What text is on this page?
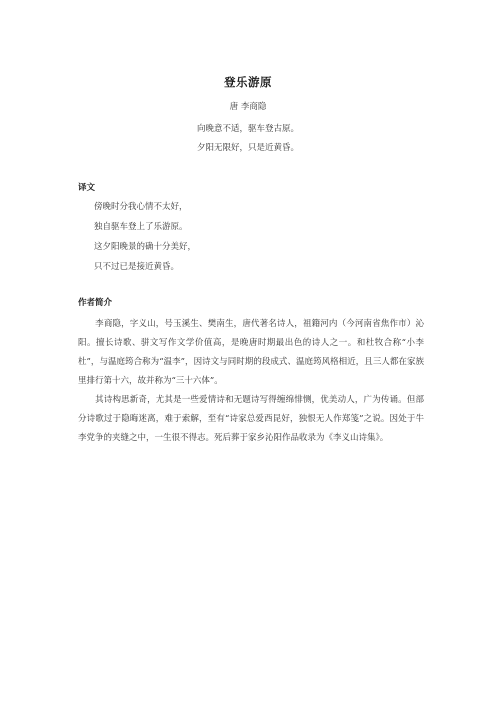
登乐游原
唐 李商隐
向晚意不适，驱车登古原。
夕阳无限好，只是近黄昏。
译文
傍晚时分我心情不太好，
独自驱车登上了乐游原。
这夕阳晚景的确十分美好，
只不过已是接近黄昏。
作者简介
李商隐，字义山，号玉溪生、樊南生，唐代著名诗人，祖籍河内（今河南省焦作市）沁阳。擅长诗歌、骈文写作文学价值高，是晚唐时期最出色的诗人之一。和杜牧合称“小李杜”，与温庭筠合称为“温李”，因诗文与同时期的段成式、温庭筠风格相近，且三人都在家族里排行第十六，故并称为“三十六体”。
其诗构思新奇，尤其是一些爱情诗和无题诗写得缠绵悱恻，优美动人，广为传诵。但部分诗歌过于隐晦迷离，难于索解，至有“诗家总爱西昆好，独恨无人作郑笺”之说。因处于牛李党争的夹缝之中，一生很不得志。死后葬于家乡沁阳作品收录为《李义山诗集》。
